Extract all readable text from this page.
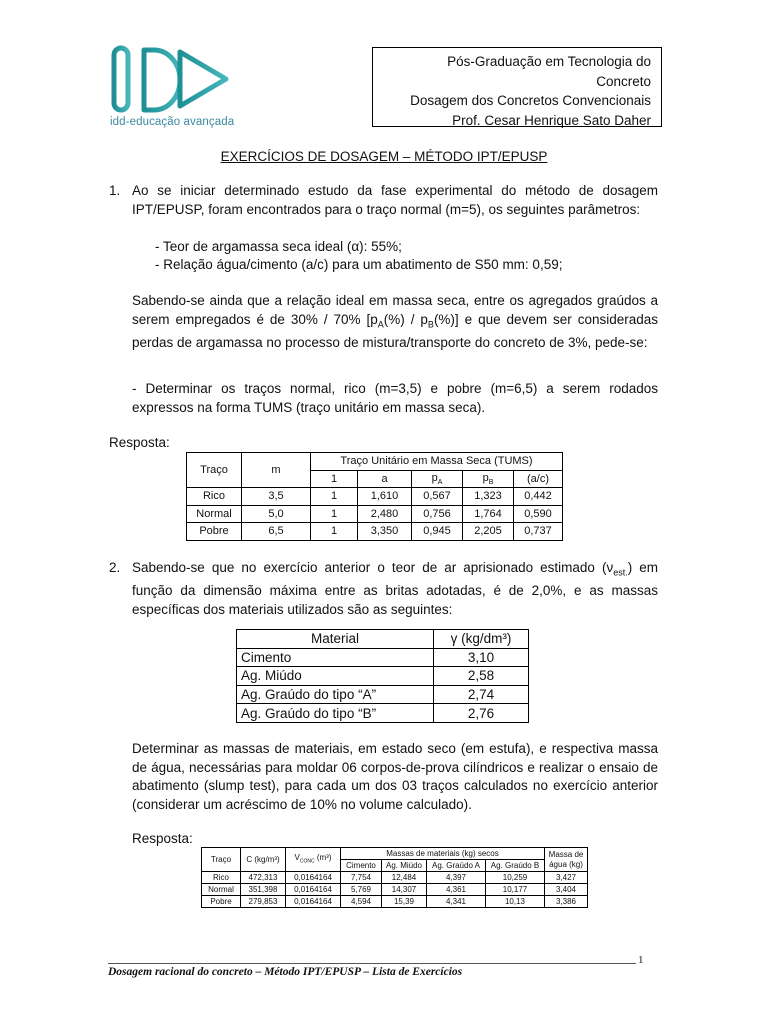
idd-educação avançada
Pós-Graduação em Tecnologia do
Concreto
Dosagem dos Concretos Convencionais
Prof. Cesar Henrique Sato Daher
EXERCÍCIOS DE DOSAGEM – MÉTODO IPT/EPUSP
1. Ao se iniciar determinado estudo da fase experimental do método de dosagem IPT/EPUSP, foram encontrados para o traço normal (m=5), os seguintes parâmetros:
- Teor de argamassa seca ideal (α): 55%;
- Relação água/cimento (a/c) para um abatimento de S50 mm: 0,59;
Sabendo-se ainda que a relação ideal em massa seca, entre os agregados graúdos a serem empregados é de 30% / 70% $[p_A(\%) / p_B(\%)]$ e que devem ser consideradas perdas de argamassa no processo de mistura/transporte do concreto de 3%, pede-se:
- Determinar os traços normal, rico (m=3,5) e pobre (m=6,5) a serem rodados expressos na forma TUMS (traço unitário em massa seca).
Resposta:
Traço	m	Traço Unitário em Massa Seca (TUMS)				
		1	a	$p_A$	$p_B$	(a/c)
Rico	3,5	1	1,610	0,567	1,323	0,442
Normal	5,0	1	2,480	0,756	1,764	0,590
Pobre	6,5	1	3,350	0,945	2,205	0,737
2. Sabendo-se que no exercício anterior o teor de ar aprisionado estimado $(\nu_{est.})$ em função da dimensão máxima entre as britas adotadas, é de 2,0%, e as massas específicas dos materiais utilizados são as seguintes:
Material	γ (kg/dm³)
Cimento	3,10
Ag. Miúdo	2,58
Ag. Graúdo do tipo “A”	2,74
Ag. Graúdo do tipo “B”	2,76
Determinar as massas de materiais, em estado seco (em estufa), e respectiva massa de água, necessárias para moldar 06 corpos-de-prova cilíndricos e realizar o ensaio de abatimento (slump test), para cada um dos 03 traços calculados no exercício anterior (considerar um acréscimo de 10% no volume calculado).
Resposta:
Traço	C (kg/m³)	$V_{CONC}$ (m³)	Massas de materiais (kg) secos				Massa de
água (kg)
			Cimento	Ag. Miúdo	Ag. Graúdo A	Ag. Graúdo B	
Rico	472,313	0,0164164	7,754	12,484	4,397	10,259	3,427
Normal	351,398	0,0164164	5,769	14,307	4,361	10,177	3,404
Pobre	279,853	0,0164164	4,594	15,39	4,341	10,13	3,386
1
Dosagem racional do concreto – Método IPT/EPUSP – Lista de Exercícios
